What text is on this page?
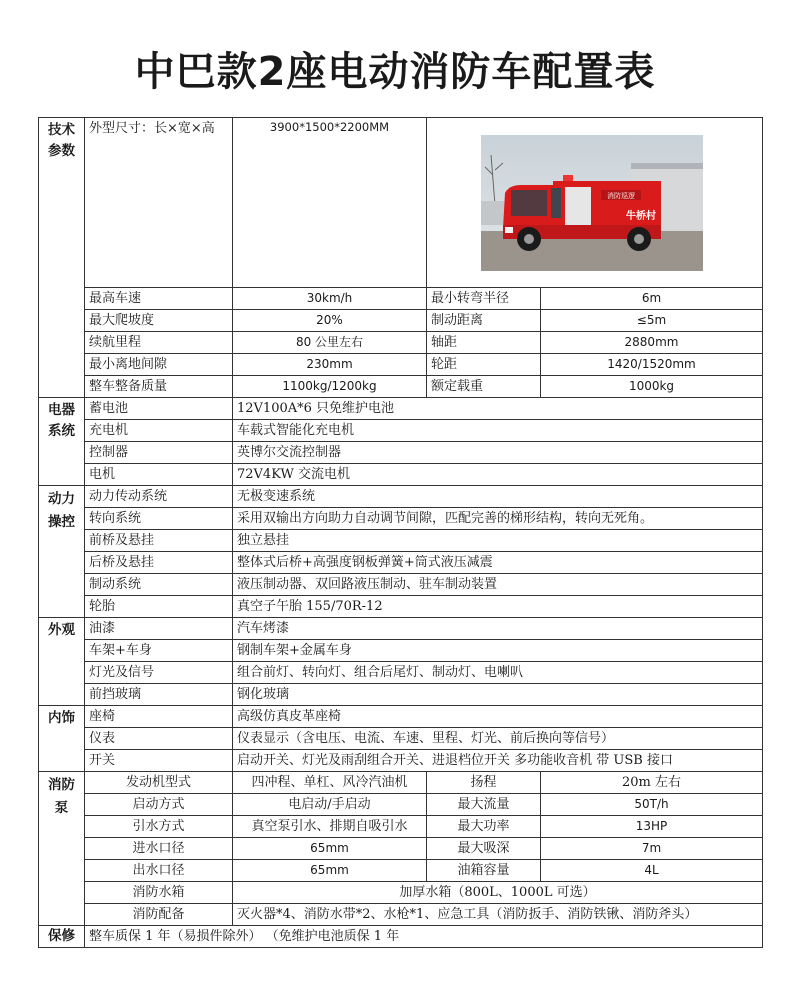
中巴款2座电动消防车配置表
技术参数	外型尺寸：长×宽×高	3900*1500*2200MM	消防巡逻
牛桥村	

	最高车速	30km/h	最小转弯半径	6m
	最大爬坡度	20%	制动距离	≤5m
	续航里程	80 公里左右	轴距	2880mm
	最小离地间隙	230mm	轮距	1420/1520mm
	整车整备质量	1100kg/1200kg	额定载重	1000kg
电器系统	蓄电池	12V100A*6 只免维护电池		
	充电机	车载式智能化充电机		
	控制器	英博尔交流控制器		
	电机	72V4KW 交流电机		
动力操控	动力传动系统	无极变速系统		
	转向系统	采用双输出方向助力自动调节间隙，匹配完善的梯形结构，转向无死角。		
	前桥及悬挂	独立悬挂		
	后桥及悬挂	整体式后桥+高强度钢板弹簧+筒式液压减震		
	制动系统	液压制动器、双回路液压制动、驻车制动装置		
	轮胎	真空子午胎 155/70R-12		
外观	油漆	汽车烤漆		
	车架+车身	钢制车架+金属车身		
	灯光及信号	组合前灯、转向灯、组合后尾灯、制动灯、电喇叭		
	前挡玻璃	钢化玻璃		
内饰	座椅	高级仿真皮革座椅		
	仪表	仪表显示（含电压、电流、车速、里程、灯光、前后换向等信号）		
	开关	启动开关、灯光及雨刮组合开关、进退档位开关 多功能收音机 带 USB 接口		
消防泵	发动机型式	四冲程、单杠、风冷汽油机	扬程	20m 左右
	启动方式	电启动/手启动	最大流量	50T/h
	引水方式	真空泵引水、排期自吸引水	最大功率	13HP
	进水口径	65mm	最大吸深	7m
	出水口径	65mm	油箱容量	4L
	消防水箱	加厚水箱（800L、1000L 可选）		
	消防配备	灭火器*4、消防水带*2、水枪*1、应急工具（消防扳手、消防铁锹、消防斧头）		
保修	整车质保 1 年（易损件除外） （免维护电池质保 1 年			
